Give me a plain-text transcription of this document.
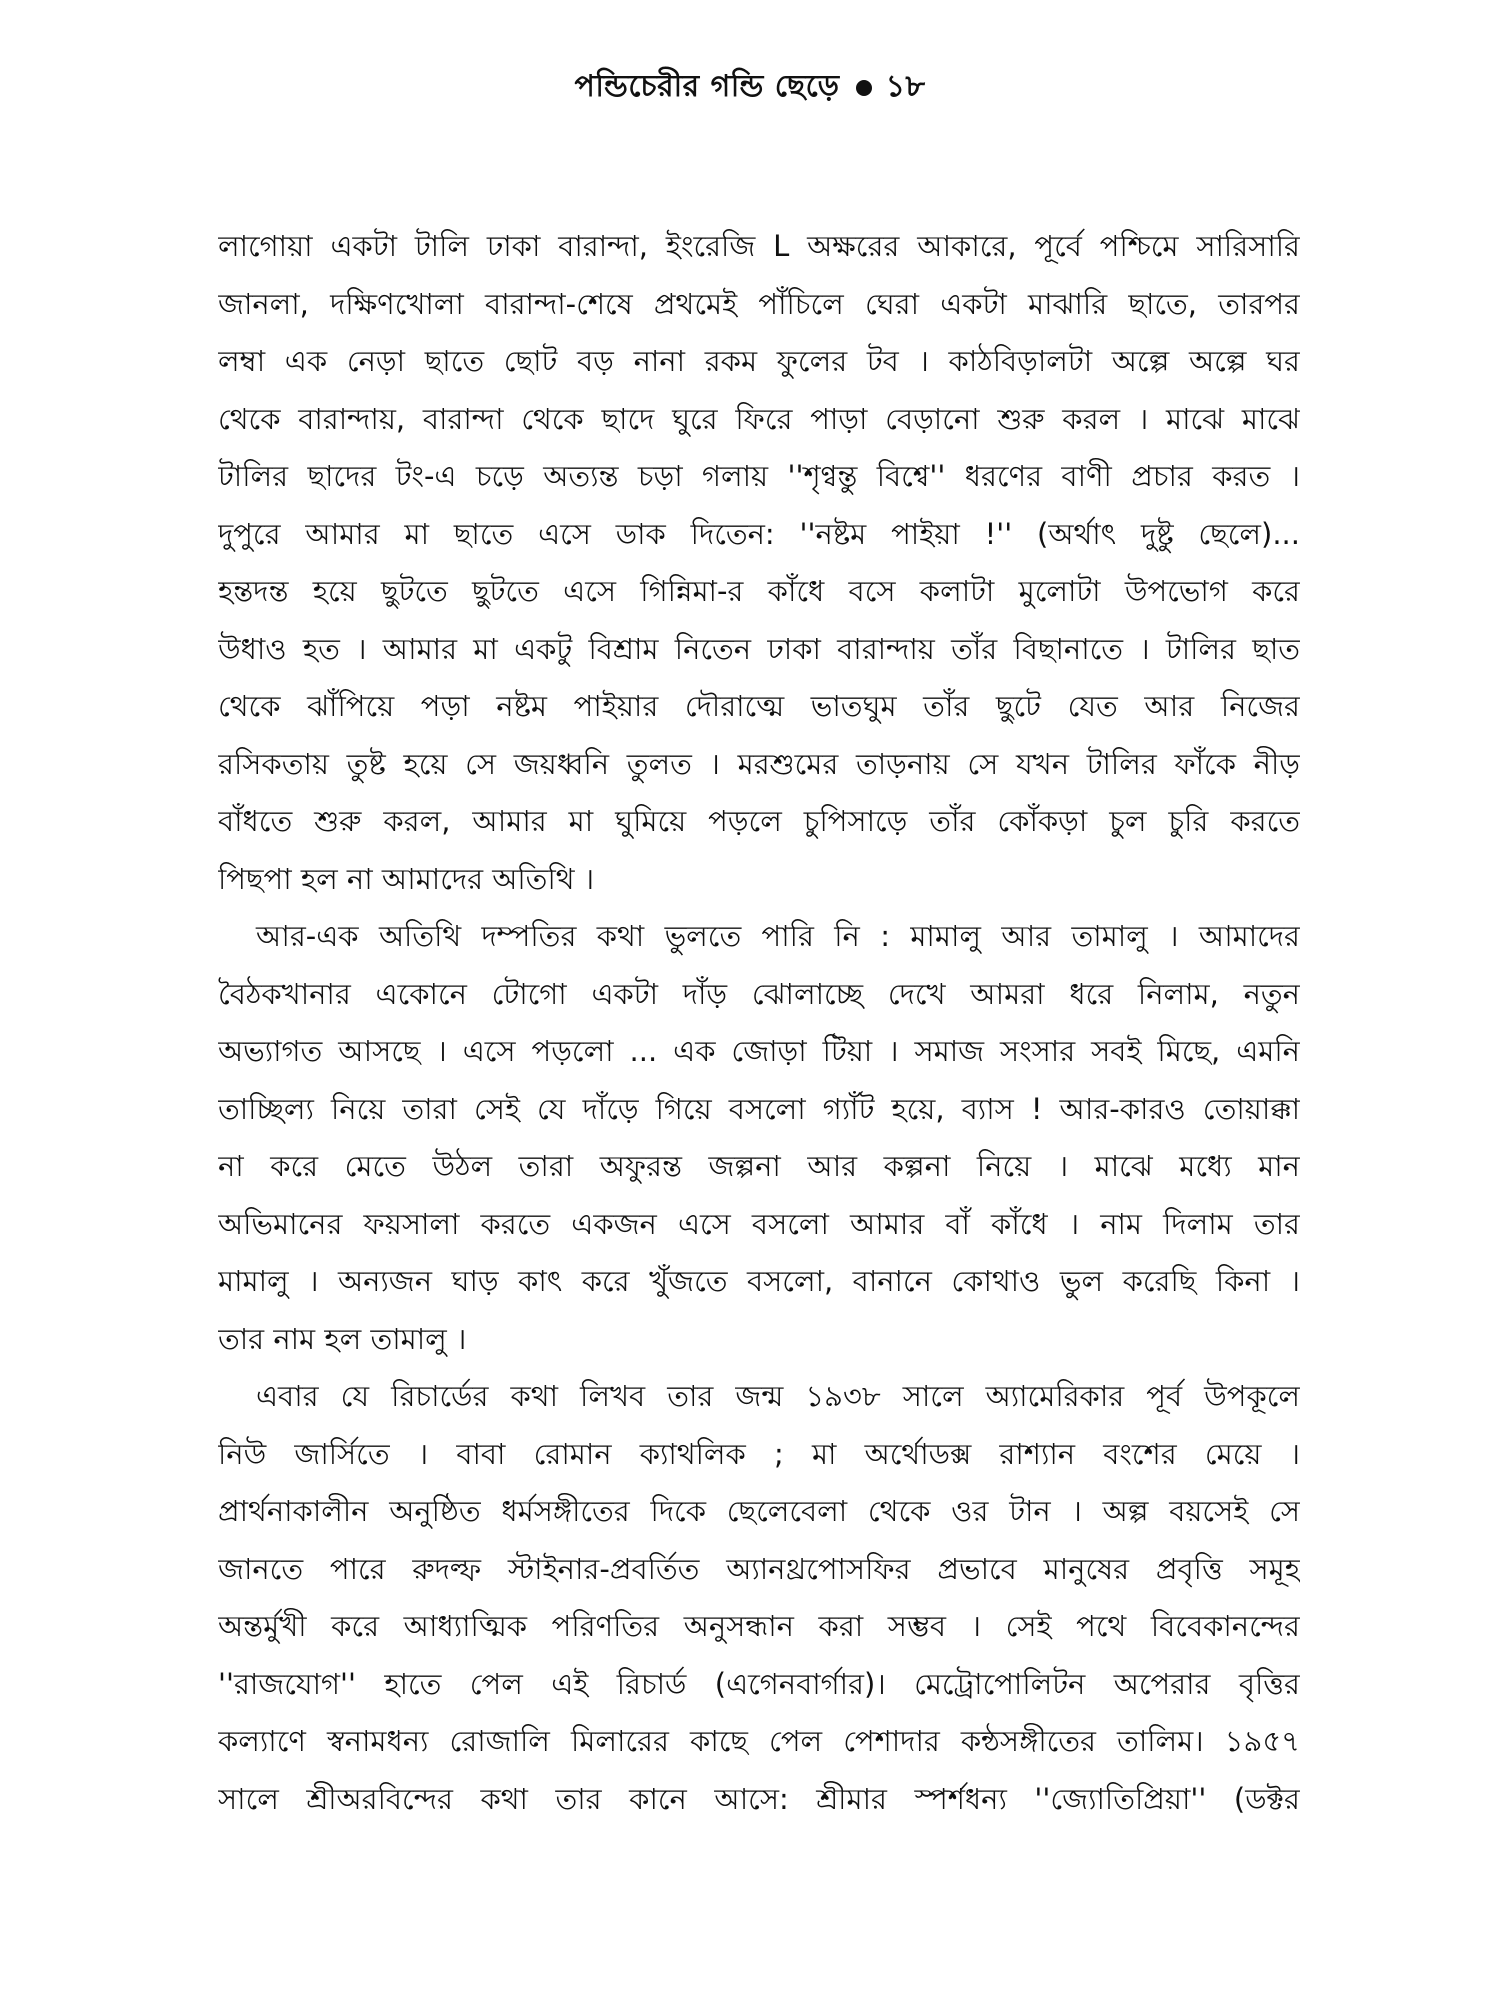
পন্ডিচেরীর গন্ডি ছেড়ে ১৮
লাগোয়া একটা টালি ঢাকা বারান্দা, ইংরেজি L অক্ষরের আকারে, পূর্বে পশ্চিমে সারিসারি
জানলা, দক্ষিণখোলা বারান্দা-শেষে প্রথমেই পাঁচিলে ঘেরা একটা মাঝারি ছাতে, তারপর
লম্বা এক নেড়া ছাতে ছোট বড় নানা রকম ফুলের টব । কাঠবিড়ালটা অল্পে অল্পে ঘর
থেকে বারান্দায়, বারান্দা থেকে ছাদে ঘুরে ফিরে পাড়া বেড়ানো শুরু করল । মাঝে মাঝে
টালির ছাদের টং-এ চড়ে অত্যন্ত চড়া গলায় ''শৃণ্বন্তু বিশ্বে'' ধরণের বাণী প্রচার করত ।
দুপুরে আমার মা ছাতে এসে ডাক দিতেন: ''নষ্টম পাইয়া !'' (অর্থাৎ দুষ্টু ছেলে)...
হন্তদন্ত হয়ে ছুটতে ছুটতে এসে গিন্নিমা-র কাঁধে বসে কলাটা মুলোটা উপভোগ করে
উধাও হত । আমার মা একটু বিশ্রাম নিতেন ঢাকা বারান্দায় তাঁর বিছানাতে । টালির ছাত
থেকে ঝাঁপিয়ে পড়া নষ্টম পাইয়ার দৌরাত্মে ভাতঘুম তাঁর ছুটে যেত আর নিজের
রসিকতায় তুষ্ট হয়ে সে জয়ধ্বনি তুলত । মরশুমের তাড়নায় সে যখন টালির ফাঁকে নীড়
বাঁধতে শুরু করল, আমার মা ঘুমিয়ে পড়লে চুপিসাড়ে তাঁর কোঁকড়া চুল চুরি করতে
পিছপা হল না আমাদের অতিথি ।
আর-এক অতিথি দম্পতির কথা ভুলতে পারি নি : মামালু আর তামালু । আমাদের
বৈঠকখানার একোনে টোগো একটা দাঁড় ঝোলাচ্ছে দেখে আমরা ধরে নিলাম, নতুন
অভ্যাগত আসছে । এসে পড়লো ... এক জোড়া টিয়া । সমাজ সংসার সবই মিছে, এমনি
তাচ্ছিল্য নিয়ে তারা সেই যে দাঁড়ে গিয়ে বসলো গ্যাঁট হয়ে, ব্যাস ! আর-কারও তোয়াক্কা
না করে মেতে উঠল তারা অফুরন্ত জল্পনা আর কল্পনা নিয়ে । মাঝে মধ্যে মান
অভিমানের ফয়সালা করতে একজন এসে বসলো আমার বাঁ কাঁধে । নাম দিলাম তার
মামালু । অন্যজন ঘাড় কাৎ করে খুঁজতে বসলো, বানানে কোথাও ভুল করেছি কিনা ।
তার নাম হল তামালু ।
এবার যে রিচার্ডের কথা লিখব তার জন্ম ১৯৩৮ সালে অ্যামেরিকার পূর্ব উপকূলে
নিউ জার্সিতে । বাবা রোমান ক্যাথলিক ; মা অর্থোডক্স রাশ্যান বংশের মেয়ে ।
প্রার্থনাকালীন অনুষ্ঠিত ধর্মসঙ্গীতের দিকে ছেলেবেলা থেকে ওর টান । অল্প বয়সেই সে
জানতে পারে রুদল্ফ স্টাইনার-প্রবর্তিত অ্যানথ্রপোসফির প্রভাবে মানুষের প্রবৃত্তি সমূহ
অন্তর্মুখী করে আধ্যাত্মিক পরিণতির অনুসন্ধান করা সম্ভব । সেই পথে বিবেকানন্দের
''রাজযোগ'' হাতে পেল এই রিচার্ড (এগেনবার্গার)। মেট্রোপোলিটন অপেরার বৃত্তির
কল্যাণে স্বনামধন্য রোজালি মিলারের কাছে পেল পেশাদার কন্ঠসঙ্গীতের তালিম। ১৯৫৭
সালে শ্রীঅরবিন্দের কথা তার কানে আসে: শ্রীমার স্পর্শধন্য ''জ্যোতিপ্রিয়া'' (ডক্টর
